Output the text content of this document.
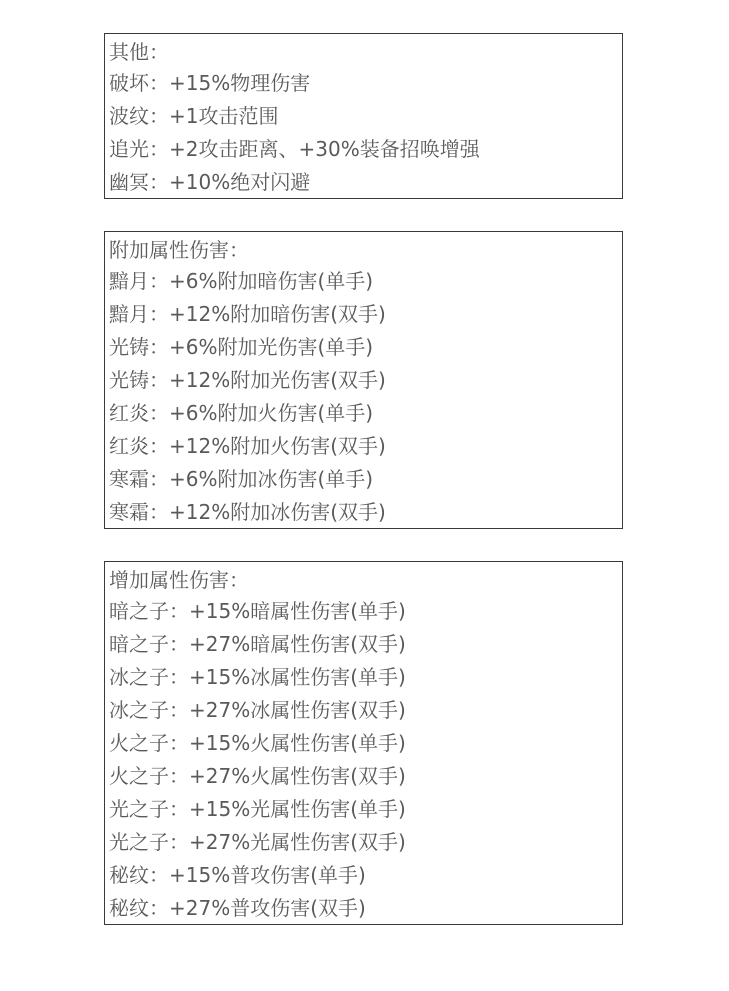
其他：
破坏：+15%物理伤害
波纹：+1攻击范围
追光：+2攻击距离、+30%装备招唤增强
幽冥：+10%绝对闪避
附加属性伤害：
黯月：+6%附加暗伤害(单手)
黯月：+12%附加暗伤害(双手)
光铸：+6%附加光伤害(单手)
光铸：+12%附加光伤害(双手)
红炎：+6%附加火伤害(单手)
红炎：+12%附加火伤害(双手)
寒霜：+6%附加冰伤害(单手)
寒霜：+12%附加冰伤害(双手)
增加属性伤害：
暗之子：+15%暗属性伤害(单手)
暗之子：+27%暗属性伤害(双手)
冰之子：+15%冰属性伤害(单手)
冰之子：+27%冰属性伤害(双手)
火之子：+15%火属性伤害(单手)
火之子：+27%火属性伤害(双手)
光之子：+15%光属性伤害(单手)
光之子：+27%光属性伤害(双手)
秘纹：+15%普攻伤害(单手)
秘纹：+27%普攻伤害(双手)
